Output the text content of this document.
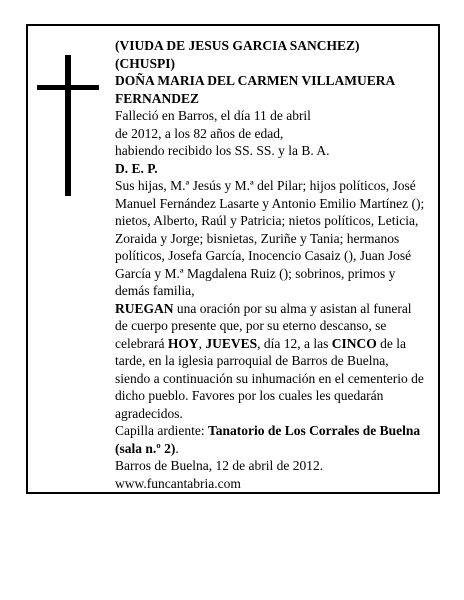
(VIUDA DE JESUS GARCIA SANCHEZ)

(CHUSPI)

DOÑA MARIA DEL CARMEN VILLAMUERA FERNANDEZ

Falleció en Barros, el día 11 de abril

de 2012, a los 82 años de edad,

habiendo recibido los SS. SS. y la B. A.

D. E. P.

Sus hijas, M.ª Jesús y M.ª del Pilar; hijos políticos, José Manuel Fernández Lasarte y Antonio Emilio Martínez (); nietos, Alberto, Raúl y Patricia; nietos políticos, Leticia, Zoraida y Jorge; bisnietas, Zuriñe y Tania; hermanos políticos, Josefa García, Inocencio Casaiz (), Juan José García y M.ª Magdalena Ruiz (); sobrinos, primos y demás familia,

RUEGAN una oración por su alma y asistan al funeral de cuerpo presente que, por su eterno descanso, se celebrará HOY, JUEVES, día 12, a las CINCO de la tarde, en la iglesia parroquial de Barros de Buelna, siendo a continuación su inhumación en el cementerio de dicho pueblo. Favores por los cuales les quedarán agradecidos.

Capilla ardiente: Tanatorio de Los Corrales de Buelna (sala n.º 2).

Barros de Buelna, 12 de abril de 2012.

www.funcantabria.com
